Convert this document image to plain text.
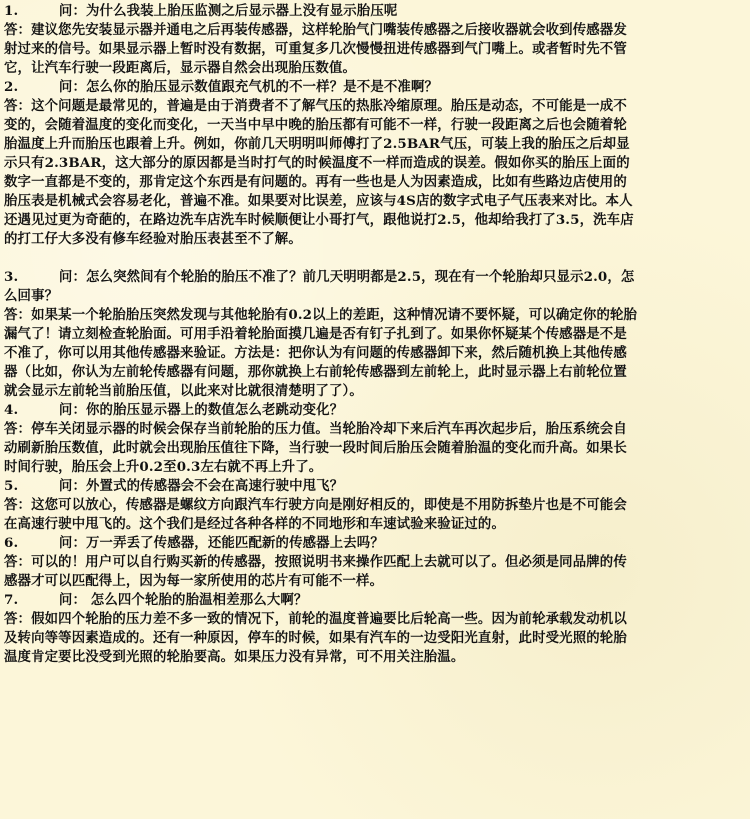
1.　　　问：为什么我装上胎压监测之后显示器上没有显示胎压呢
答：建议您先安装显示器并通电之后再装传感器，这样轮胎气门嘴装传感器之后接收器就会收到传感器发
射过来的信号。如果显示器上暂时没有数据，可重复多几次慢慢扭进传感器到气门嘴上。或者暂时先不管
它，让汽车行驶一段距离后，显示器自然会出现胎压数值。
2.　　　问：怎么你的胎压显示数值跟充气机的不一样？是不是不准啊？
答：这个问题是最常见的，普遍是由于消费者不了解气压的热胀冷缩原理。胎压是动态，不可能是一成不
变的，会随着温度的变化而变化，一天当中早中晚的胎压都有可能不一样，行驶一段距离之后也会随着轮
胎温度上升而胎压也跟着上升。例如，你前几天明明叫师傅打了2.5BAR气压，可装上我的胎压之后却显
示只有2.3BAR，这大部分的原因都是当时打气的时候温度不一样而造成的误差。假如你买的胎压上面的
数字一直都是不变的，那肯定这个东西是有问题的。再有一些也是人为因素造成，比如有些路边店使用的
胎压表是机械式会容易老化，普遍不准。如果要对比误差，应该与4S店的数字式电子气压表来对比。本人
还遇见过更为奇葩的，在路边洗车店洗车时候顺便让小哥打气，跟他说打2.5，他却给我打了3.5，洗车店
的打工仔大多没有修车经验对胎压表甚至不了解。
3.　　　问：怎么突然间有个轮胎的胎压不准了？前几天明明都是2.5，现在有一个轮胎却只显示2.0，怎
么回事？
答：如果某一个轮胎胎压突然发现与其他轮胎有0.2以上的差距，这种情况请不要怀疑，可以确定你的轮胎
漏气了！请立刻检查轮胎面。可用手沿着轮胎面摸几遍是否有钉子扎到了。如果你怀疑某个传感器是不是
不准了，你可以用其他传感器来验证。方法是：把你认为有问题的传感器卸下来，然后随机换上其他传感
器（比如，你认为左前轮传感器有问题，那你就换上右前轮传感器到左前轮上，此时显示器上右前轮位置
就会显示左前轮当前胎压值，以此来对比就很清楚明了了）。
4.　　　问：你的胎压显示器上的数值怎么老跳动变化？
答：停车关闭显示器的时候会保存当前轮胎的压力值。当轮胎冷却下来后汽车再次起步后，胎压系统会自
动刷新胎压数值，此时就会出现胎压值往下降，当行驶一段时间后胎压会随着胎温的变化而升高。如果长
时间行驶，胎压会上升0.2至0.3左右就不再上升了。
5.　　　问：外置式的传感器会不会在高速行驶中甩飞？
答：这您可以放心，传感器是螺纹方向跟汽车行驶方向是刚好相反的，即使是不用防拆垫片也是不可能会
在高速行驶中甩飞的。这个我们是经过各种各样的不同地形和车速试验来验证过的。
6.　　　问：万一弄丢了传感器，还能匹配新的传感器上去吗？
答：可以的！用户可以自行购买新的传感器，按照说明书来操作匹配上去就可以了。但必须是同品牌的传
感器才可以匹配得上，因为每一家所使用的芯片有可能不一样。
7.　　　问： 怎么四个轮胎的胎温相差那么大啊？
答：假如四个轮胎的压力差不多一致的情况下，前轮的温度普遍要比后轮高一些。因为前轮承载发动机以
及转向等等因素造成的。还有一种原因，停车的时候，如果有汽车的一边受阳光直射，此时受光照的轮胎
温度肯定要比没受到光照的轮胎要高。如果压力没有异常，可不用关注胎温。
